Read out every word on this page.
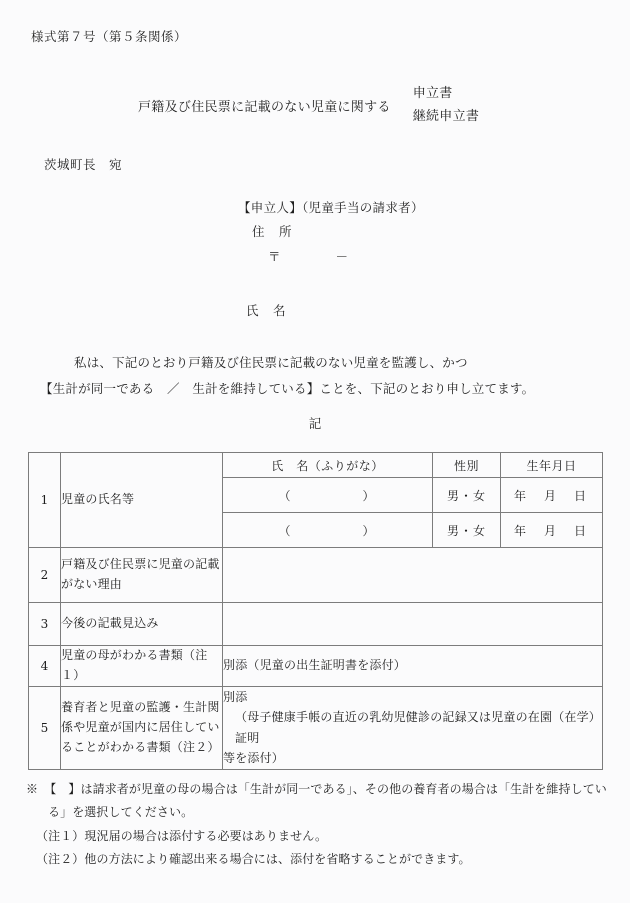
様式第７号（第５条関係）
戸籍及び住民票に記載のない児童に関する
申立書
継続申立書
茨城町長　宛
【申立人】（児童手当の請求者）
住　所
〒　　　　－
氏　名
私は、下記のとおり戸籍及び住民票に記載のない児童を監護し、かつ
【生計が同一である　／　生計を維持している】ことを、下記のとおり申し立てます。
記
1	児童の氏名等	氏　名（ふりがな）	性別	生年月日
		（　　　　　）	男・女	年　月　日
		（　　　　　）	男・女	年　月　日
2	戸籍及び住民票に児童の記載がない理由			
3	今後の記載見込み			
4	児童の母がわかる書類（注１）	別添（児童の出生証明書を添付）		
5	養育者と児童の監護・生計関係や児童が国内に居住していることがわかる書類（注２）	別添
（母子健康手帳の直近の乳幼児健診の記録又は児童の在園（在学）証明
等を添付）		
※　【　】は請求者が児童の母の場合は「生計が同一である」、その他の養育者の場合は「生計を維持してい
る」を選択してください。
（注１）現況届の場合は添付する必要はありません。
（注２）他の方法により確認出来る場合には、添付を省略することができます。
